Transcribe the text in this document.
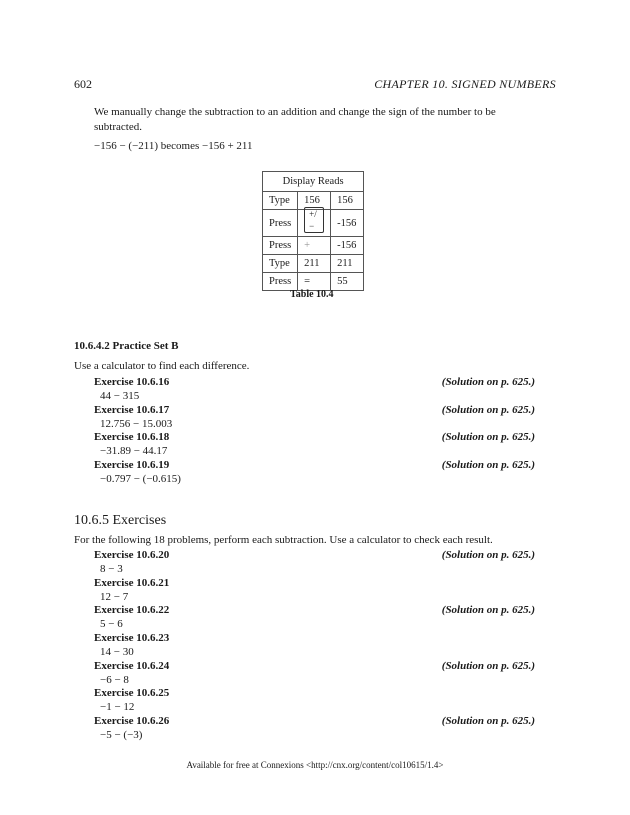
602	CHAPTER 10. SIGNED NUMBERS
We manually change the subtraction to an addition and change the sign of the number to be subtracted.
−156 − (−211) becomes −156 + 211
Display Reads		
Type	156	156
Press	+/−	-156
Press	+	-156
Type	211	211
Press	=	55
Table 10.4
10.6.4.2 Practice Set B
Use a calculator to find each difference.
Exercise 10.6.16	(Solution on p. 625.)
44 − 315
Exercise 10.6.17	(Solution on p. 625.)
12.756 − 15.003
Exercise 10.6.18	(Solution on p. 625.)
−31.89 − 44.17
Exercise 10.6.19	(Solution on p. 625.)
−0.797 − (−0.615)
10.6.5 Exercises
For the following 18 problems, perform each subtraction. Use a calculator to check each result.
Exercise 10.6.20	(Solution on p. 625.)
8 − 3
Exercise 10.6.21
12 − 7
Exercise 10.6.22	(Solution on p. 625.)
5 − 6
Exercise 10.6.23
14 − 30
Exercise 10.6.24	(Solution on p. 625.)
−6 − 8
Exercise 10.6.25
−1 − 12
Exercise 10.6.26	(Solution on p. 625.)
−5 − (−3)
Available for free at Connexions <http://cnx.org/content/col10615/1.4>
